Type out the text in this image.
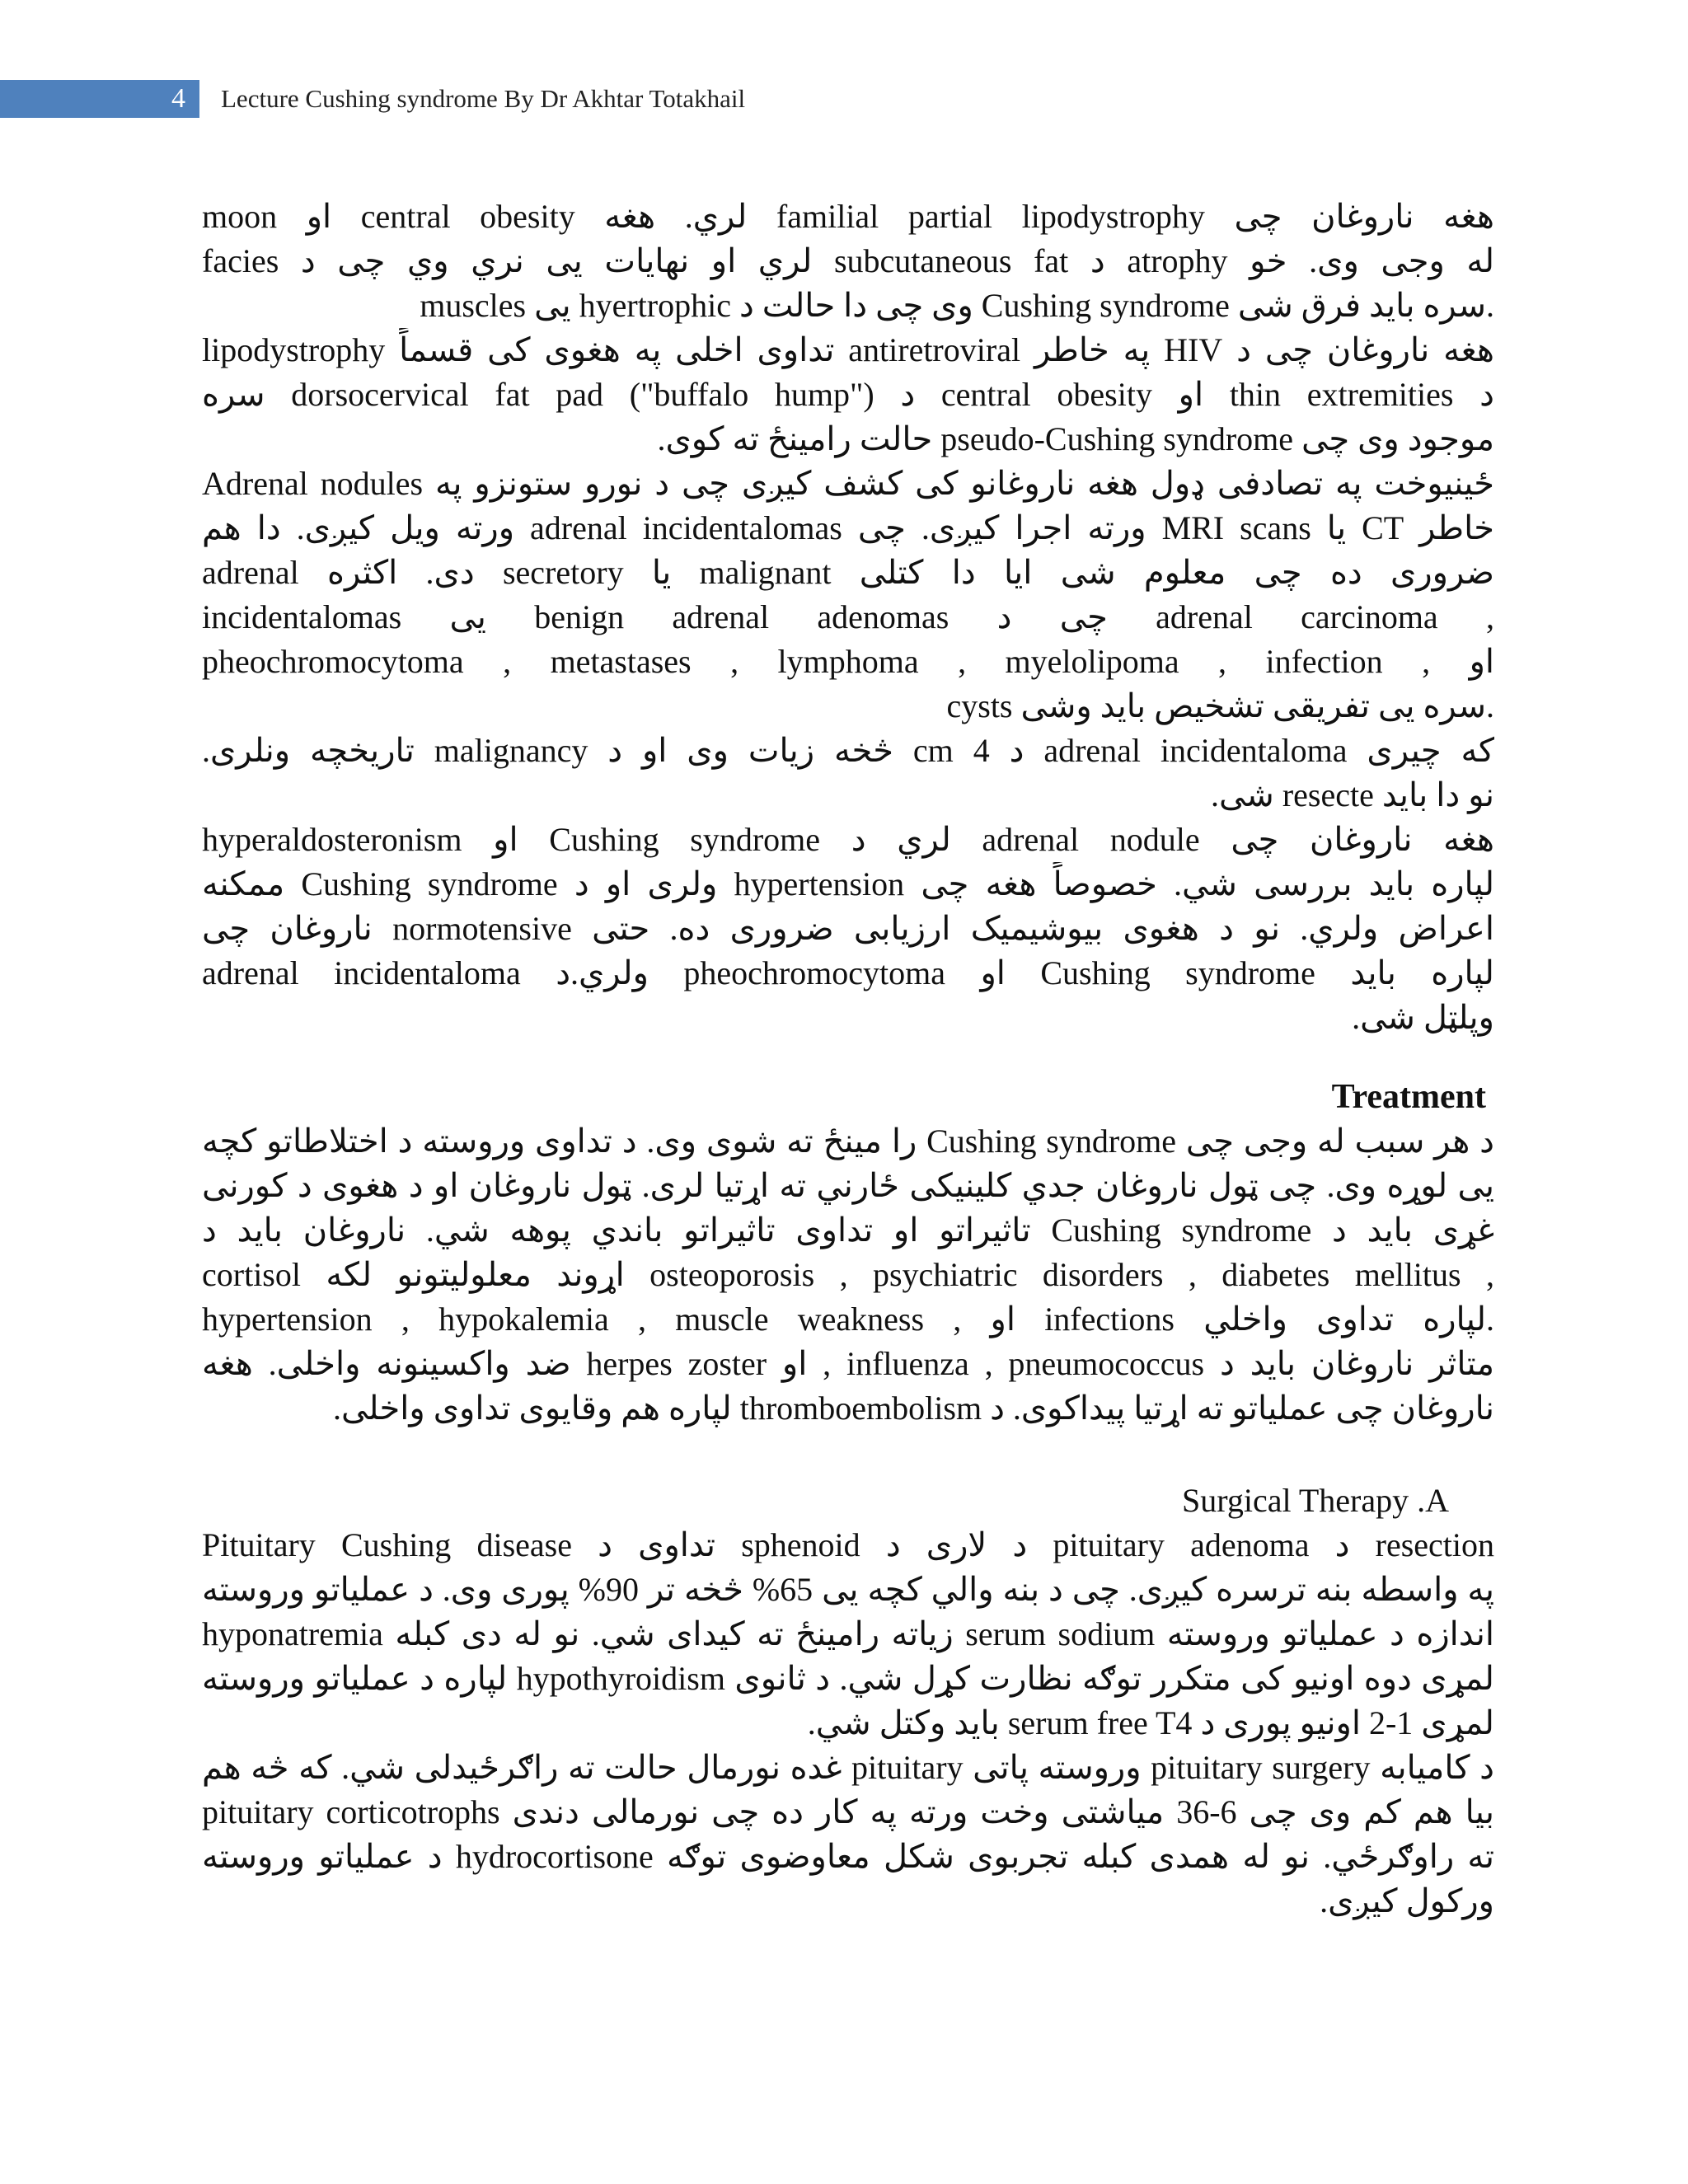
4 Lecture Cushing syndrome By Dr Akhtar Totakhail
هغه ناروغان چی familial partial lipodystrophy لري. هغه central obesity او moon
facies لري او نهايات يی نري وي چی د subcutaneous fat د atrophy له وجی وی. خو
muscles يی hyertrophic وی چی دا حالت د Cushing syndrome سره بايد فرق شی.
هغه ناروغان چی د HIV په خاطر antiretroviral تداوی اخلی په هغوی کی قسماً lipodystrophy
د thin extremities او central obesity د dorsocervical fat pad ("buffalo hump") سره
موجود وی چی pseudo-Cushing syndrome حالت رامينځ ته کوی.
Adrenal nodules ځينیوخت په تصادفی ډول هغه ناروغانو کی کشف کيږی چی د نورو ستونزو په
خاطر CT يا MRI scans ورته اجرا کيږی. چی adrenal incidentalomas ورته ويل کيږی. دا هم
ضروری ده چی معلوم شی ايا دا کتلی malignant يا secretory دی. اکثره adrenal
incidentalomas يی benign adrenal adenomas چی د adrenal carcinoma ,
pheochromocytoma , metastases , lymphoma , myelolipoma , infection , او
cysts سره يی تفريقی تشخيص بايد وشی.
که چيری adrenal incidentaloma د 4 cm څخه زيات وی او د malignancy تاريخچه ونلری.
نو دا بايد resecte شی.
هغه ناروغان چی adrenal nodule لري د Cushing syndrome او hyperaldosteronism
لپاره بايد بررسی شي. خصوصاً هغه چی hypertension ولری او د Cushing syndrome ممکنه
اعراض ولري. نو د هغوی بيوشيميک ارزيابی ضروری ده. حتی normotensive ناروغان چی
adrenal incidentaloma ولري.د pheochromocytoma او Cushing syndrome لپاره بايد
وپلټل شی.
Treatment
د هر سبب له وجی چی Cushing syndrome را مينځ ته شوی وی. د تداوی وروسته د اختلاطاتو کچه
يی لوړه وی. چی ټول ناروغان جدي کلينيکی ځارني ته اړتيا لری. ټول ناروغان او د هغوی د کورنی
غړی بايد د Cushing syndrome تاثيراتو او تداوی تاثيراتو باندي پوهه شي. ناروغان بايد د
cortisol اړوند معلوليتونو لکه osteoporosis , psychiatric disorders , diabetes mellitus ,
hypertension , hypokalemia , muscle weakness , او infections لپاره تداوی واخلي.
متاثر ناروغان بايد د influenza , pneumococcus , او herpes zoster ضد واکسينونه واخلی. هغه
ناروغان چی عملياتو ته اړتيا پيداکوی. د thromboembolism لپاره هم وقايوی تداوی واخلی.
Surgical Therapy .A
Pituitary Cushing disease تداوی د sphenoid د لاری د pituitary adenoma د resection
په واسطه بنه ترسره کيږی. چی د بنه والي کچه يی 65% څخه تر 90% پوری وی. د عملياتو وروسته
hyponatremia زياته رامينځ ته کيدای شي. نو له دی کبله serum sodium اندازه د عملياتو وروسته
لمړی دوه اونيو کی متکرر توګه نظارت کړل شي. د ثانوی hypothyroidism لپاره د عملياتو وروسته
لمړی 1-2 اونيو پوری د serum free T4 بايد وکتل شي.
د کاميابه pituitary surgery وروسته پاتی pituitary غده نورمال حالت ته راګرځيدلی شي. که څه هم
pituitary corticotrophs بيا هم کم وی چی 6-36 مياشتی وخت ورته په کار ده چی نورمالی دندی
ته راوګرځي. نو له همدی کبله تجربوی شکل معاوضوی توګه hydrocortisone د عملياتو وروسته
ورکول کيږی.
